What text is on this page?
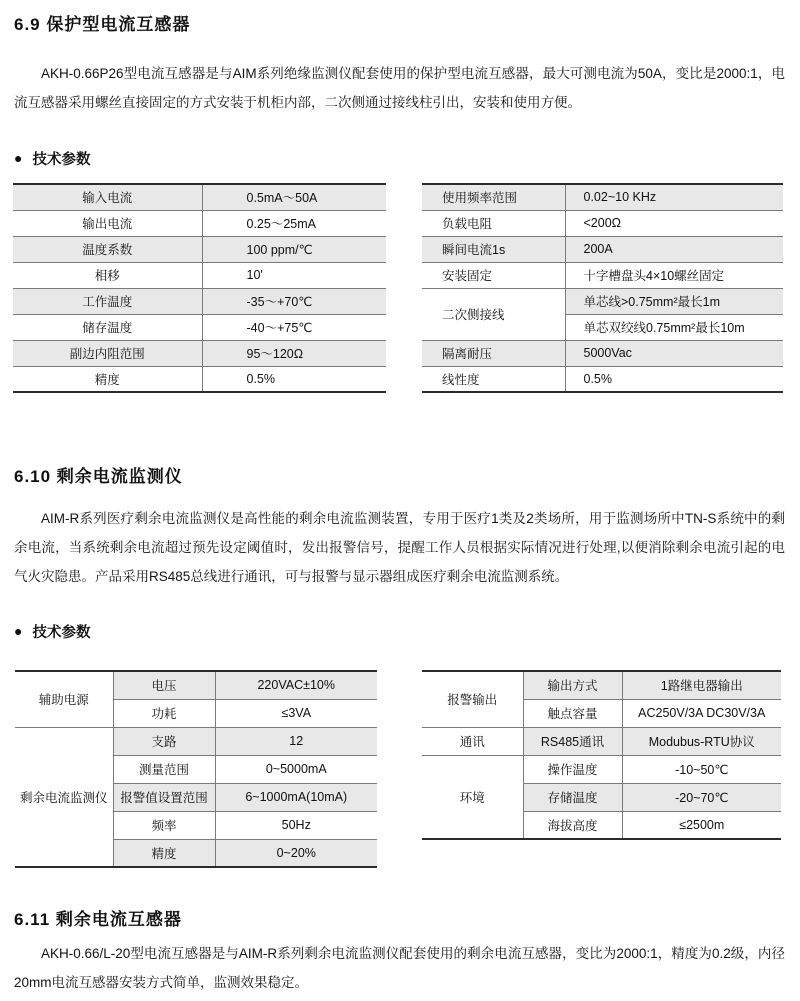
6.9 保护型电流互感器

AKH-0.66P26型电流互感器是与AIM系列绝缘监测仪配套使用的保护型电流互感器，最大可测电流为50A，变比是2000:1，电流互感器采用螺丝直接固定的方式安装于机柜内部，二次侧通过接线柱引出，安装和使用方便。

● 技术参数
输入电流	0.5mA～50A
输出电流	0.25～25mA
温度系数	100 ppm/℃
相移	10'
工作温度	-35～+70℃
储存温度	-40～+75℃
副边内阻范围	95～120Ω
精度	0.5%
使用频率范围	0.02~10 KHz
负载电阻	<200Ω
瞬间电流1s	200A
安装固定	十字槽盘头4×10螺丝固定
二次侧接线	单芯线>0.75mm²最长1m
	单芯双绞线0.75mm²最长10m
隔离耐压	5000Vac
线性度	0.5%
6.10 剩余电流监测仪

AIM-R系列医疗剩余电流监测仪是高性能的剩余电流监测装置，专用于医疗1类及2类场所，用于监测场所中TN-S系统中的剩余电流，当系统剩余电流超过预先设定阈值时，发出报警信号，提醒工作人员根据实际情况进行处理,以便消除剩余电流引起的电气火灾隐患。产品采用RS485总线进行通讯，可与报警与显示器组成医疗剩余电流监测系统。

● 技术参数
辅助电源	电压	220VAC±10%
	功耗	≤3VA
剩余电流监测仪	支路	12
	测量范围	0~5000mA
	报警值设置范围	6~1000mA(10mA)
	频率	50Hz
	精度	0~20%
报警输出	输出方式	1路继电器输出
	触点容量	AC250V/3A DC30V/3A
通讯	RS485通讯	Modubus-RTU协议
环境	操作温度	-10~50℃
	存储温度	-20~70℃
	海拔高度	≤2500m
6.11 剩余电流互感器

AKH-0.66/L-20型电流互感器是与AIM-R系列剩余电流监测仪配套使用的剩余电流互感器，变比为2000:1，精度为0.2级，内径20mm电流互感器安装方式简单，监测效果稳定。
